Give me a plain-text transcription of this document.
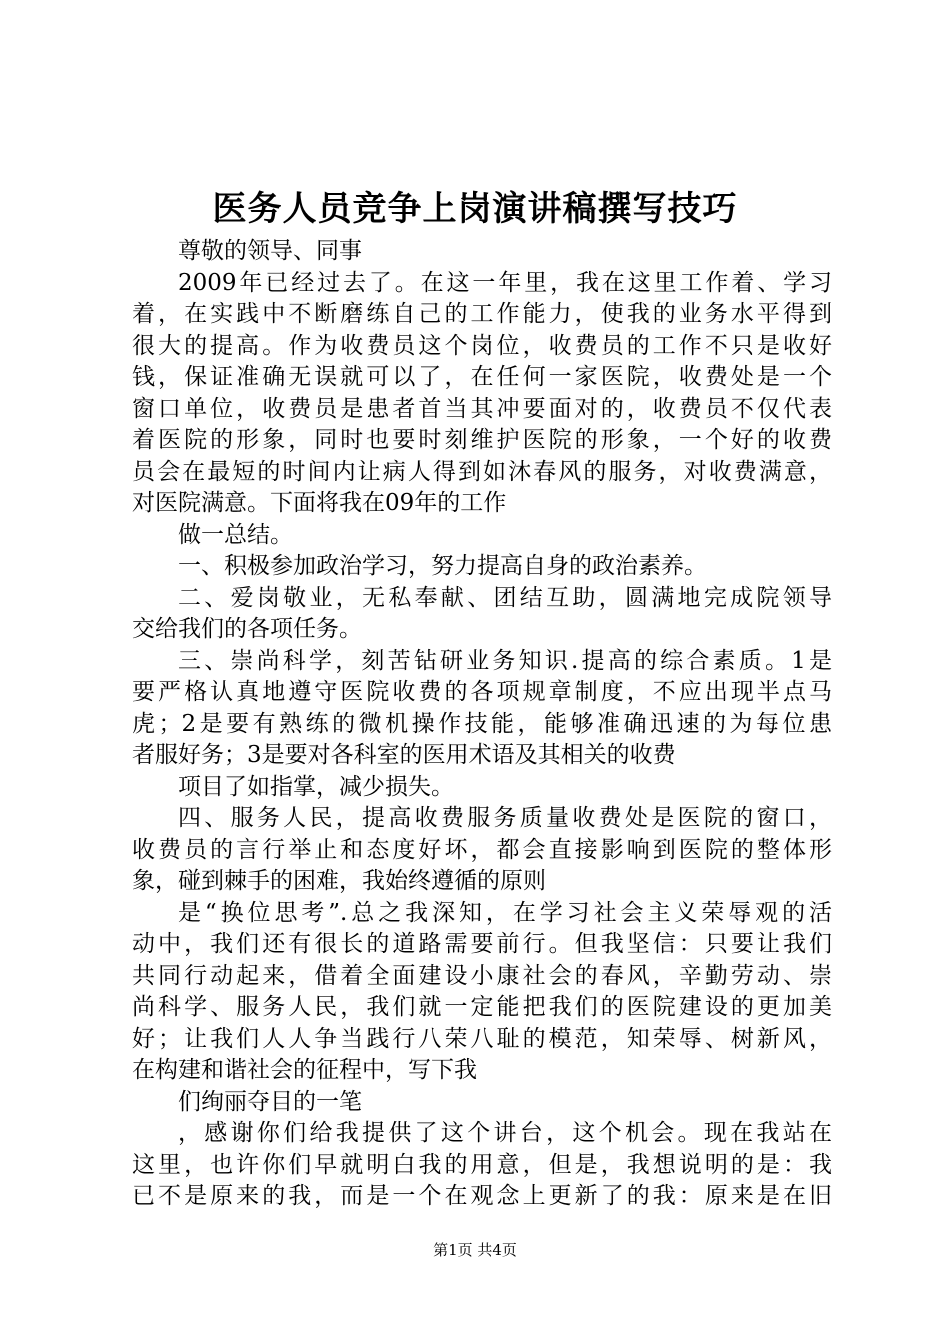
医务人员竞争上岗演讲稿撰写技巧
尊敬的领导、同事
2009年已经过去了。在这一年里，我在这里工作着、学习
着，在实践中不断磨练自己的工作能力，使我的业务水平得到
很大的提高。作为收费员这个岗位，收费员的工作不只是收好
钱，保证准确无误就可以了，在任何一家医院，收费处是一个
窗口单位，收费员是患者首当其冲要面对的，收费员不仅代表
着医院的形象，同时也要时刻维护医院的形象，一个好的收费
员会在最短的时间内让病人得到如沐春风的服务，对收费满意，
对医院满意。下面将我在09年的工作
做一总结。
一、积极参加政治学习，努力提高自身的政治素养。
二、爱岗敬业，无私奉献、团结互助，圆满地完成院领导
交给我们的各项任务。
三、崇尚科学，刻苦钻研业务知识.提高的综合素质。1是
要严格认真地遵守医院收费的各项规章制度，不应出现半点马
虎；2是要有熟练的微机操作技能，能够准确迅速的为每位患
者服好务；3是要对各科室的医用术语及其相关的收费
项目了如指掌，减少损失。
四、服务人民，提高收费服务质量收费处是医院的窗口，
收费员的言行举止和态度好坏，都会直接影响到医院的整体形
象，碰到棘手的困难，我始终遵循的原则
是“换位思考”.总之我深知，在学习社会主义荣辱观的活
动中，我们还有很长的道路需要前行。但我坚信：只要让我们
共同行动起来，借着全面建设小康社会的春风，辛勤劳动、崇
尚科学、服务人民，我们就一定能把我们的医院建设的更加美
好；让我们人人争当践行八荣八耻的模范，知荣辱、树新风，
在构建和谐社会的征程中，写下我
们绚丽夺目的一笔
，感谢你们给我提供了这个讲台，这个机会。现在我站在
这里，也许你们早就明白我的用意，但是，我想说明的是：我
已不是原来的我，而是一个在观念上更新了的我：原来是在旧
第1页 共4页
